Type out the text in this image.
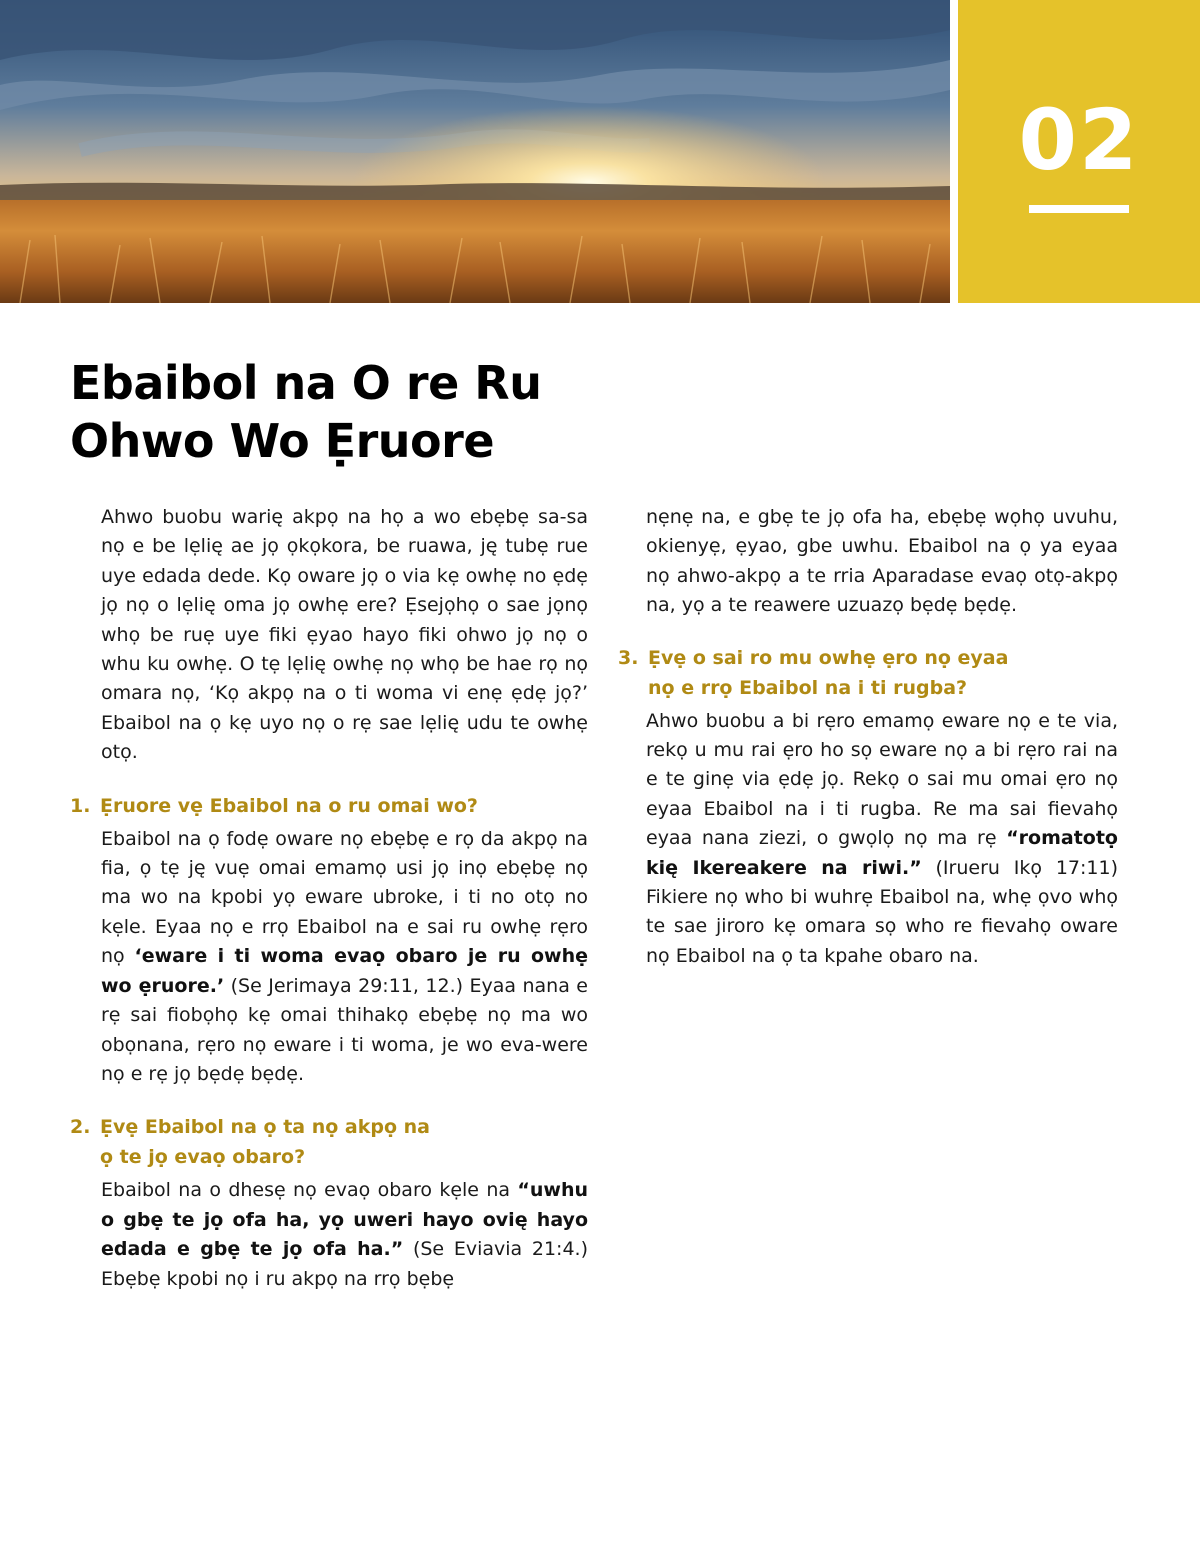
02
Ebaibol na O re Ru
Ohwo Wo Ẹruore

Ahwo buobu warię akpọ na họ a wo ebẹbẹ sa-sa nọ e be lẹlię ae jọ ọkọkora, be ruawa, ję tubẹ rue uye edada dede. Kọ oware jọ o via kẹ owhẹ no ẹdẹ jọ nọ o lẹlię oma jọ owhẹ ere? Ẹsejọhọ o sae jọnọ whọ be ruẹ uye fiki ẹyao hayo fiki ohwo jọ nọ o whu ku owhẹ. O tẹ lẹlię owhẹ nọ whọ be hae rọ nọ omara nọ, ‘Kọ akpọ na o ti woma vi enẹ ẹdẹ jọ?’ Ebaibol na ọ kẹ uyo nọ o rẹ sae lẹlię udu te owhẹ otọ.

1. Ẹruore vẹ Ebaibol na o ru omai wo?

Ebaibol na ọ fodẹ oware nọ ebẹbẹ e rọ da akpọ na fia, ọ tẹ ję vuẹ omai emamọ usi jọ inọ ebẹbẹ nọ ma wo na kpobi yọ eware ubroke, i ti no otọ no kẹle. Eyaa nọ e rrọ Ebaibol na e sai ru owhẹ rẹro nọ ‘eware i ti woma evaọ obaro je ru owhẹ wo ẹruore.’ (Se Jerimaya 29:11, 12.) Eyaa nana e rẹ sai fiobọhọ kẹ omai thihakọ ebẹbẹ nọ ma wo obọnana, rẹro nọ eware i ti woma, je wo eva-were nọ e rẹ jọ bẹdẹ bẹdẹ.

2. Ẹvẹ Ebaibol na ọ ta nọ akpọ na
ọ te jọ evaọ obaro?

Ebaibol na o dhesẹ nọ evaọ obaro kẹle na “uwhu o gbẹ te jọ ofa ha, yọ uweri hayo ovię hayo edada e gbẹ te jọ ofa ha.” (Se Eviavia 21:4.) Ebẹbẹ kpobi nọ i ru akpọ na rrọ bẹbẹ

nẹnẹ na, e gbẹ te jọ ofa ha, ebẹbẹ wọhọ uvuhu, okienyẹ, ẹyao, gbe uwhu. Ebaibol na ọ ya eyaa nọ ahwo-akpọ a te rria Aparadase evaọ otọ-akpọ na, yọ a te reawere uzuazọ bẹdẹ bẹdẹ.

3. Ẹvẹ o sai ro mu owhẹ ẹro nọ eyaa
nọ e rrọ Ebaibol na i ti rugba?

Ahwo buobu a bi rẹro emamọ eware nọ e te via, rekọ u mu rai ẹro ho sọ eware nọ a bi rẹro rai na e te ginẹ via ẹdẹ jọ. Rekọ o sai mu omai ẹro nọ eyaa Ebaibol na i ti rugba. Re ma sai fievahọ eyaa nana ziezi, o gwọlọ nọ ma rẹ “romatotọ kię Ikereakere na riwi.” (Irueru Ikọ 17:11) Fikiere nọ who bi wuhrẹ Ebaibol na, whẹ ọvo whọ te sae jiroro kẹ omara sọ who re fievahọ oware nọ Ebaibol na ọ ta kpahe obaro na.
